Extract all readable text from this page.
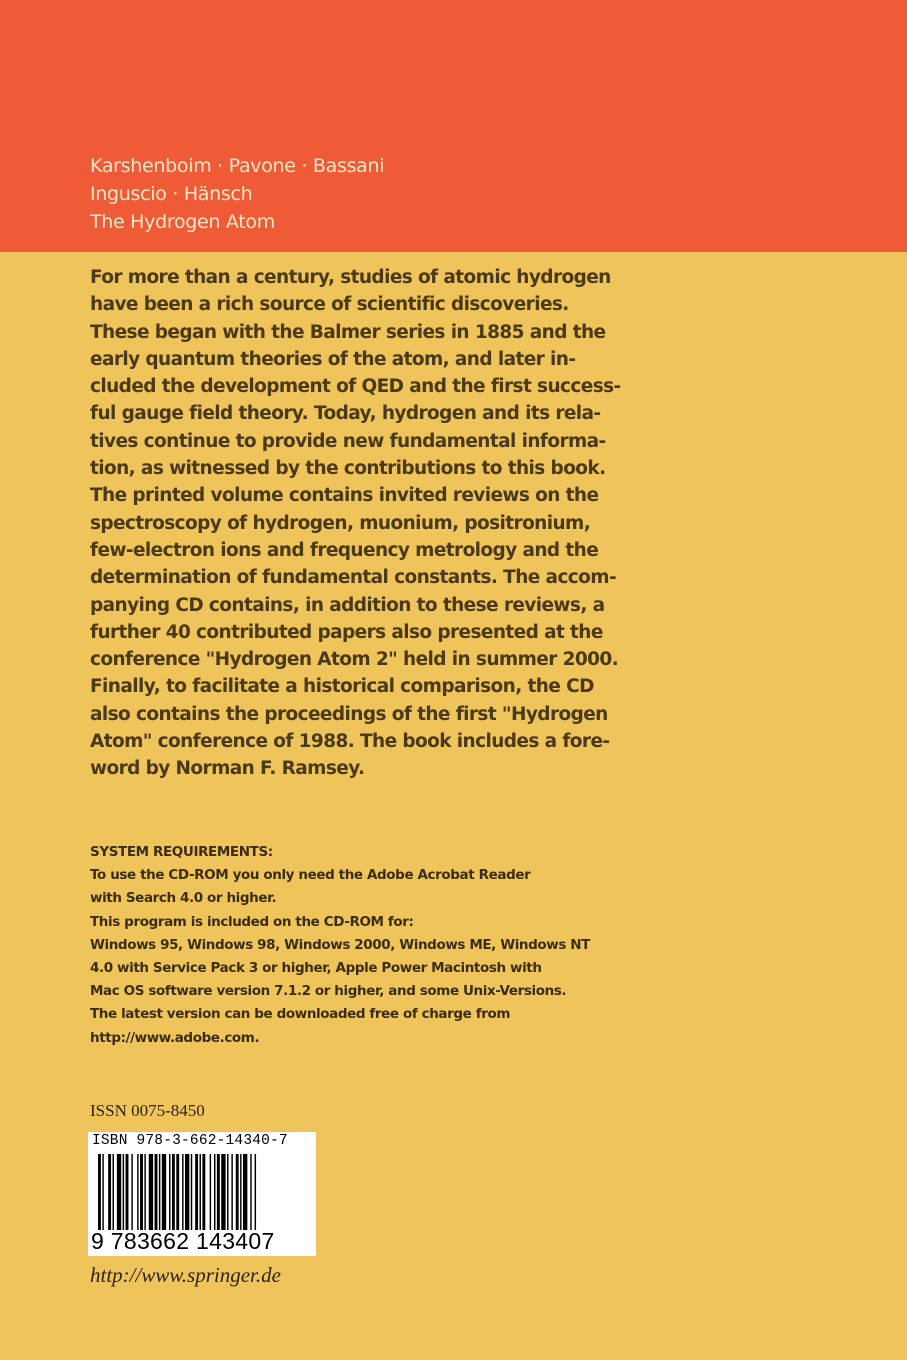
Karshenboim · Pavone · Bassani
Inguscio · Hänsch
The Hydrogen Atom
For more than a century, studies of atomic hydrogen
have been a rich source of scientific discoveries.
These began with the Balmer series in 1885 and the
early quantum theories of the atom, and later in-
cluded the development of QED and the first success-
ful gauge field theory. Today, hydrogen and its rela-
tives continue to provide new fundamental informa-
tion, as witnessed by the contributions to this book.
The printed volume contains invited reviews on the
spectroscopy of hydrogen, muonium, positronium,
few-electron ions and frequency metrology and the
determination of fundamental constants. The accom-
panying CD contains, in addition to these reviews, a
further 40 contributed papers also presented at the
conference "Hydrogen Atom 2" held in summer 2000.
Finally, to facilitate a historical comparison, the CD
also contains the proceedings of the first "Hydrogen
Atom" conference of 1988. The book includes a fore-
word by Norman F. Ramsey.
SYSTEM REQUIREMENTS:
To use the CD-ROM you only need the Adobe Acrobat Reader
with Search 4.0 or higher.
This program is included on the CD-ROM for:
Windows 95, Windows 98, Windows 2000, Windows ME, Windows NT
4.0 with Service Pack 3 or higher, Apple Power Macintosh with
Mac OS software version 7.1.2 or higher, and some Unix-Versions.
The latest version can be downloaded free of charge from
http://www.adobe.com.
ISSN 0075-8450
ISBN 978-3-662-14340-7
9 783662 143407
http://www.springer.de
